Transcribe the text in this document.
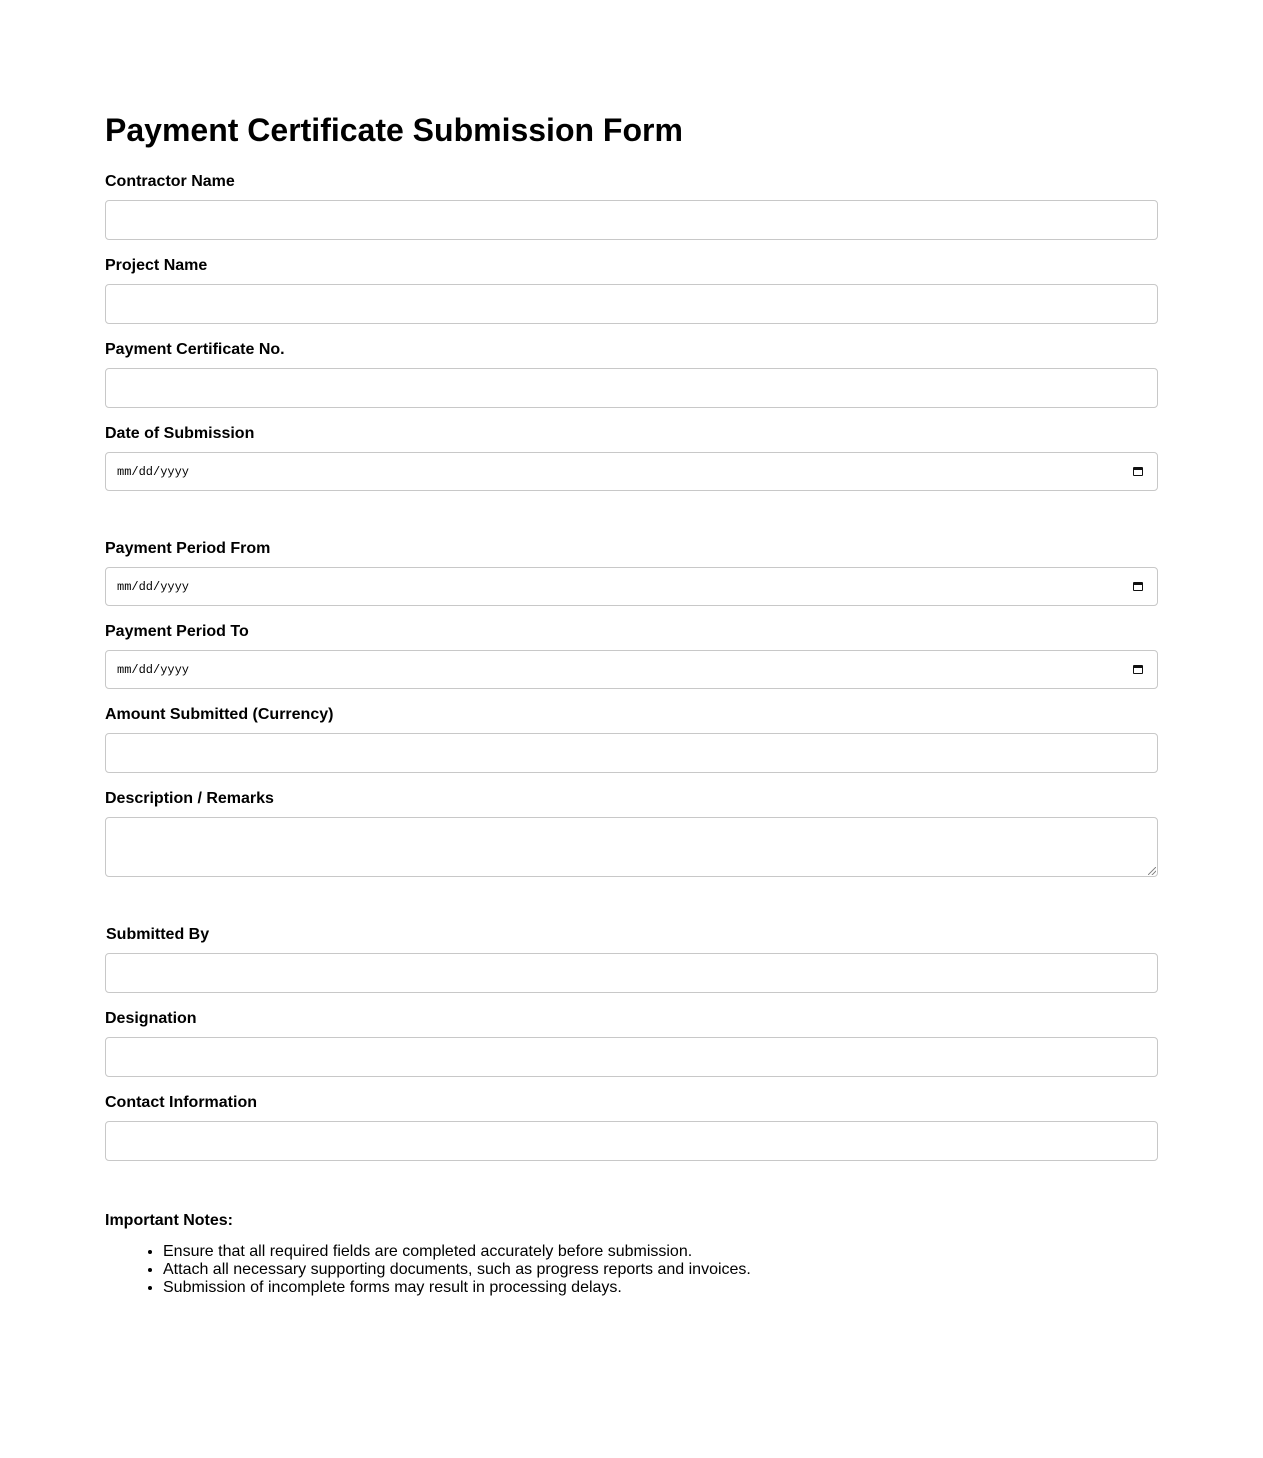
Payment Certificate Submission Form
Contractor Name
Project Name
Payment Certificate No.
Date of Submission
mm/dd/yyyy
Payment Period From
mm/dd/yyyy
Payment Period To
mm/dd/yyyy
Amount Submitted (Currency)
Description / Remarks
Submitted By
Designation
Contact Information
Important Notes:
• Ensure that all required fields are completed accurately before submission.
• Attach all necessary supporting documents, such as progress reports and invoices.
• Submission of incomplete forms may result in processing delays.
